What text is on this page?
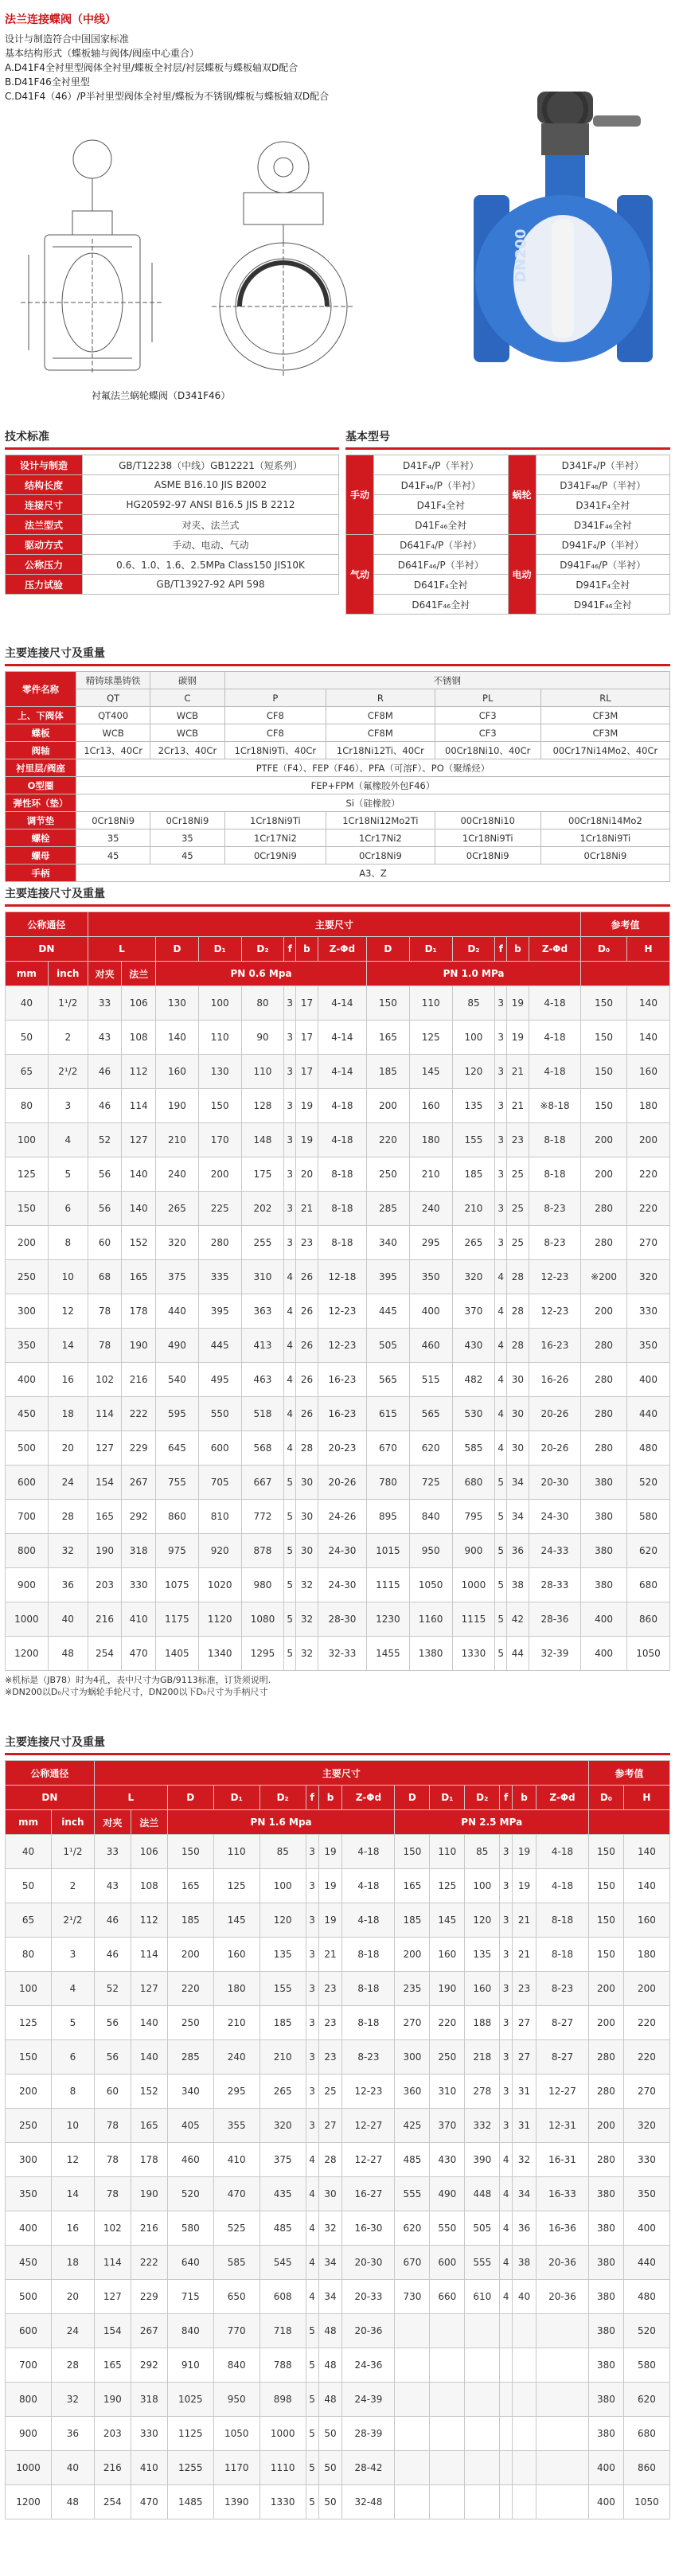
法兰连接蝶阀（中线）
设计与制造符合中国国家标准
基本结构形式（蝶板轴与阀体/阀座中心重合）
A.D41F4全衬里型阀体全衬里/蝶板全衬层/衬层蝶板与蝶板轴双D配合
B.D41F46全衬里型
C.D41F4（46）/P半衬里型阀体全衬里/蝶板为不锈钢/蝶板与蝶板轴双D配合
衬氟法兰蜗轮蝶阀（D341F46）
DN200
技术标准
设计与制造	GB/T12238（中线）GB12221（短系列）
结构长度	ASME B16.10 JIS B2002
连接尺寸	HG20592-97 ANSI B16.5 JIS B 2212
法兰型式	对夹、法兰式
驱动方式	手动、电动、气动
公称压力	0.6、1.0、1.6、2.5MPa Class150 JIS10K
压力试验	GB/T13927-92 API 598
基本型号
手动	D41F₄/P（半衬）	蜗轮	D341F₄/P（半衬）
	D41F₄₆/P（半衬）		D341F₄₆/P（半衬）
	D41F₄全衬		D341F₄全衬
	D41F₄₆全衬		D341F₄₆全衬
气动	D641F₄/P（半衬）	电动	D941F₄/P（半衬）
	D641F₄₆/P（半衬）		D941F₄₆/P（半衬）
	D641F₄全衬		D941F₄全衬
	D641F₄₆全衬		D941F₄₆全衬
主要连接尺寸及重量
零件名称	精铸球墨铸铁	碳钢	不锈钢			
	QT	C	P	R	PL	RL
上、下阀体	QT400	WCB	CF8	CF8M	CF3	CF3M
蝶板	WCB	WCB	CF8	CF8M	CF3	CF3M
阀轴	1Cr13、40Cr	2Cr13、40Cr	1Cr18Ni9Ti、40Cr	1Cr18Ni12Ti、40Cr	00Cr18Ni10、40Cr	00Cr17Ni14Mo2、40Cr
衬里层/阀座	PTFE（F4）、FEP（F46）、PFA（可溶F）、PO（聚烯烃）					
O型圈	FEP+FPM（氟橡胶外包F46）					
弹性环（垫）	Si（硅橡胶）					
调节垫	0Cr18Ni9	0Cr18Ni9	1Cr18Ni9Ti	1Cr18Ni12Mo2Ti	00Cr18Ni10	00Cr18Ni14Mo2
螺栓	35	35	1Cr17Ni2	1Cr17Ni2	1Cr18Ni9Ti	1Cr18Ni9Ti
螺母	45	45	0Cr19Ni9	0Cr18Ni9	0Cr18Ni9	0Cr18Ni9
手柄	A3、Z					
主要连接尺寸及重量
公称通径		主要尺寸														参考值	
DN		L		D	D₁	D₂	f	b	Z-Φd	D	D₁	D₂	f	b	Z-Φd	D₀	H
mm	inch	对夹	法兰	PN 0.6 Mpa						PN 1.0 MPa							
40	1¹/2	33	106	130	100	80	3	17	4-14	150	110	85	3	19	4-18	150	140
50	2	43	108	140	110	90	3	17	4-14	165	125	100	3	19	4-18	150	140
65	2¹/2	46	112	160	130	110	3	17	4-14	185	145	120	3	21	4-18	150	160
80	3	46	114	190	150	128	3	19	4-18	200	160	135	3	21	※8-18	150	180
100	4	52	127	210	170	148	3	19	4-18	220	180	155	3	23	8-18	200	200
125	5	56	140	240	200	175	3	20	8-18	250	210	185	3	25	8-18	200	220
150	6	56	140	265	225	202	3	21	8-18	285	240	210	3	25	8-23	280	220
200	8	60	152	320	280	255	3	23	8-18	340	295	265	3	25	8-23	280	270
250	10	68	165	375	335	310	4	26	12-18	395	350	320	4	28	12-23	※200	320
300	12	78	178	440	395	363	4	26	12-23	445	400	370	4	28	12-23	200	330
350	14	78	190	490	445	413	4	26	12-23	505	460	430	4	28	16-23	280	350
400	16	102	216	540	495	463	4	26	16-23	565	515	482	4	30	16-26	280	400
450	18	114	222	595	550	518	4	26	16-23	615	565	530	4	30	20-26	280	440
500	20	127	229	645	600	568	4	28	20-23	670	620	585	4	30	20-26	280	480
600	24	154	267	755	705	667	5	30	20-26	780	725	680	5	34	20-30	380	520
700	28	165	292	860	810	772	5	30	24-26	895	840	795	5	34	24-30	380	580
800	32	190	318	975	920	878	5	30	24-30	1015	950	900	5	36	24-33	380	620
900	36	203	330	1075	1020	980	5	32	24-30	1115	1050	1000	5	38	28-33	380	680
1000	40	216	410	1175	1120	1080	5	32	28-30	1230	1160	1115	5	42	28-36	400	860
1200	48	254	470	1405	1340	1295	5	32	32-33	1455	1380	1330	5	44	32-39	400	1050
※机标是（JB78）时为4孔，表中尺寸为GB/9113标准，订货须说明.
※DN200以D₀尺寸为蜗轮手轮尺寸，DN200以下D₀尺寸为手柄尺寸
主要连接尺寸及重量
公称通径		主要尺寸														参考值	
DN		L		D	D₁	D₂	f	b	Z-Φd	D	D₁	D₂	f	b	Z-Φd	D₀	H
mm	inch	对夹	法兰	PN 1.6 Mpa						PN 2.5 MPa							
40	1¹/2	33	106	150	110	85	3	19	4-18	150	110	85	3	19	4-18	150	140
50	2	43	108	165	125	100	3	19	4-18	165	125	100	3	19	4-18	150	140
65	2¹/2	46	112	185	145	120	3	19	4-18	185	145	120	3	21	8-18	150	160
80	3	46	114	200	160	135	3	21	8-18	200	160	135	3	21	8-18	150	180
100	4	52	127	220	180	155	3	23	8-18	235	190	160	3	23	8-23	200	200
125	5	56	140	250	210	185	3	23	8-18	270	220	188	3	27	8-27	200	220
150	6	56	140	285	240	210	3	23	8-23	300	250	218	3	27	8-27	280	220
200	8	60	152	340	295	265	3	25	12-23	360	310	278	3	31	12-27	280	270
250	10	78	165	405	355	320	3	27	12-27	425	370	332	3	31	12-31	200	320
300	12	78	178	460	410	375	4	28	12-27	485	430	390	4	32	16-31	280	330
350	14	78	190	520	470	435	4	30	16-27	555	490	448	4	34	16-33	380	350
400	16	102	216	580	525	485	4	32	16-30	620	550	505	4	36	16-36	380	400
450	18	114	222	640	585	545	4	34	20-30	670	600	555	4	38	20-36	380	440
500	20	127	229	715	650	608	4	34	20-33	730	660	610	4	40	20-36	380	480
600	24	154	267	840	770	718	5	48	20-36							380	520
700	28	165	292	910	840	788	5	48	24-36							380	580
800	32	190	318	1025	950	898	5	48	24-39							380	620
900	36	203	330	1125	1050	1000	5	50	28-39							380	680
1000	40	216	410	1255	1170	1110	5	50	28-42							400	860
1200	48	254	470	1485	1390	1330	5	50	32-48							400	1050
